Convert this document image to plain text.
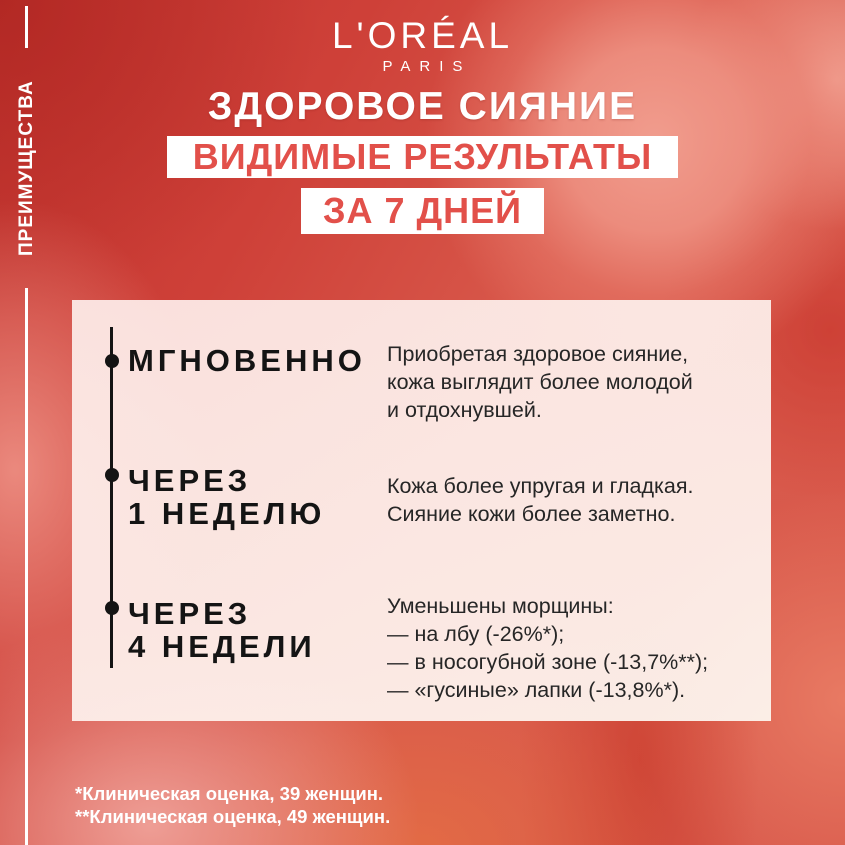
ПРЕИМУЩЕСТВА
L'ORÉAL
PARIS
ЗДОРОВОЕ СИЯНИЕ
ВИДИМЫЕ РЕЗУЛЬТАТЫ
ЗА 7 ДНЕЙ
МГНОВЕННО Приобретая здоровое сияние,
кожа выглядит более молодой
и отдохнувшей.
ЧЕРЕЗ
1 НЕДЕЛЮ
Кожа более упругая и гладкая.
Сияние кожи более заметно.
ЧЕРЕЗ
4 НЕДЕЛИ
Уменьшены морщины:
— на лбу (-26%*);
— в носогубной зоне (-13,7%**);
— «гусиные» лапки (-13,8%*).
*Клиническая оценка, 39 женщин.
**Клиническая оценка, 49 женщин.
